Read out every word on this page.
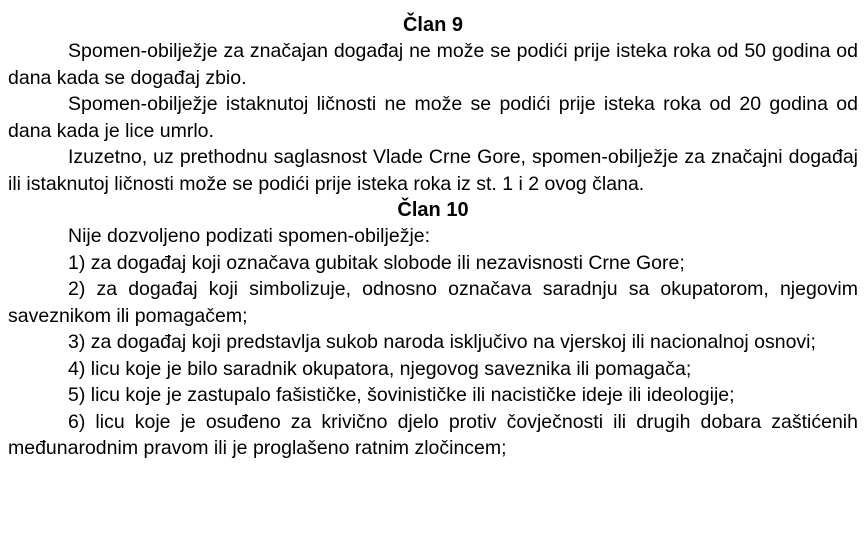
Član 9

Spomen-obilježje za značajan događaj ne može se podići prije isteka roka od 50 godina od dana kada se događaj zbio.

Spomen-obilježje istaknutoj ličnosti ne može se podići prije isteka roka od 20 godina od dana kada je lice umrlo.

Izuzetno, uz prethodnu saglasnost Vlade Crne Gore, spomen-obilježje za značajni događaj ili istaknutoj ličnosti može se podići prije isteka roka iz st. 1 i 2 ovog člana.

Član 10

Nije dozvoljeno podizati spomen-obilježje:

1) za događaj koji označava gubitak slobode ili nezavisnosti Crne Gore;

2) za događaj koji simbolizuje, odnosno označava saradnju sa okupatorom, njegovim saveznikom ili pomagačem;

3) za događaj koji predstavlja sukob naroda isključivo na vjerskoj ili nacionalnoj osnovi;

4) licu koje je bilo saradnik okupatora, njegovog saveznika ili pomagača;

5) licu koje je zastupalo fašističke, šovinističke ili nacističke ideje ili ideologije;

6) licu koje je osuđeno za krivično djelo protiv čovječnosti ili drugih dobara zaštićenih međunarodnim pravom ili je proglašeno ratnim zločincem;
